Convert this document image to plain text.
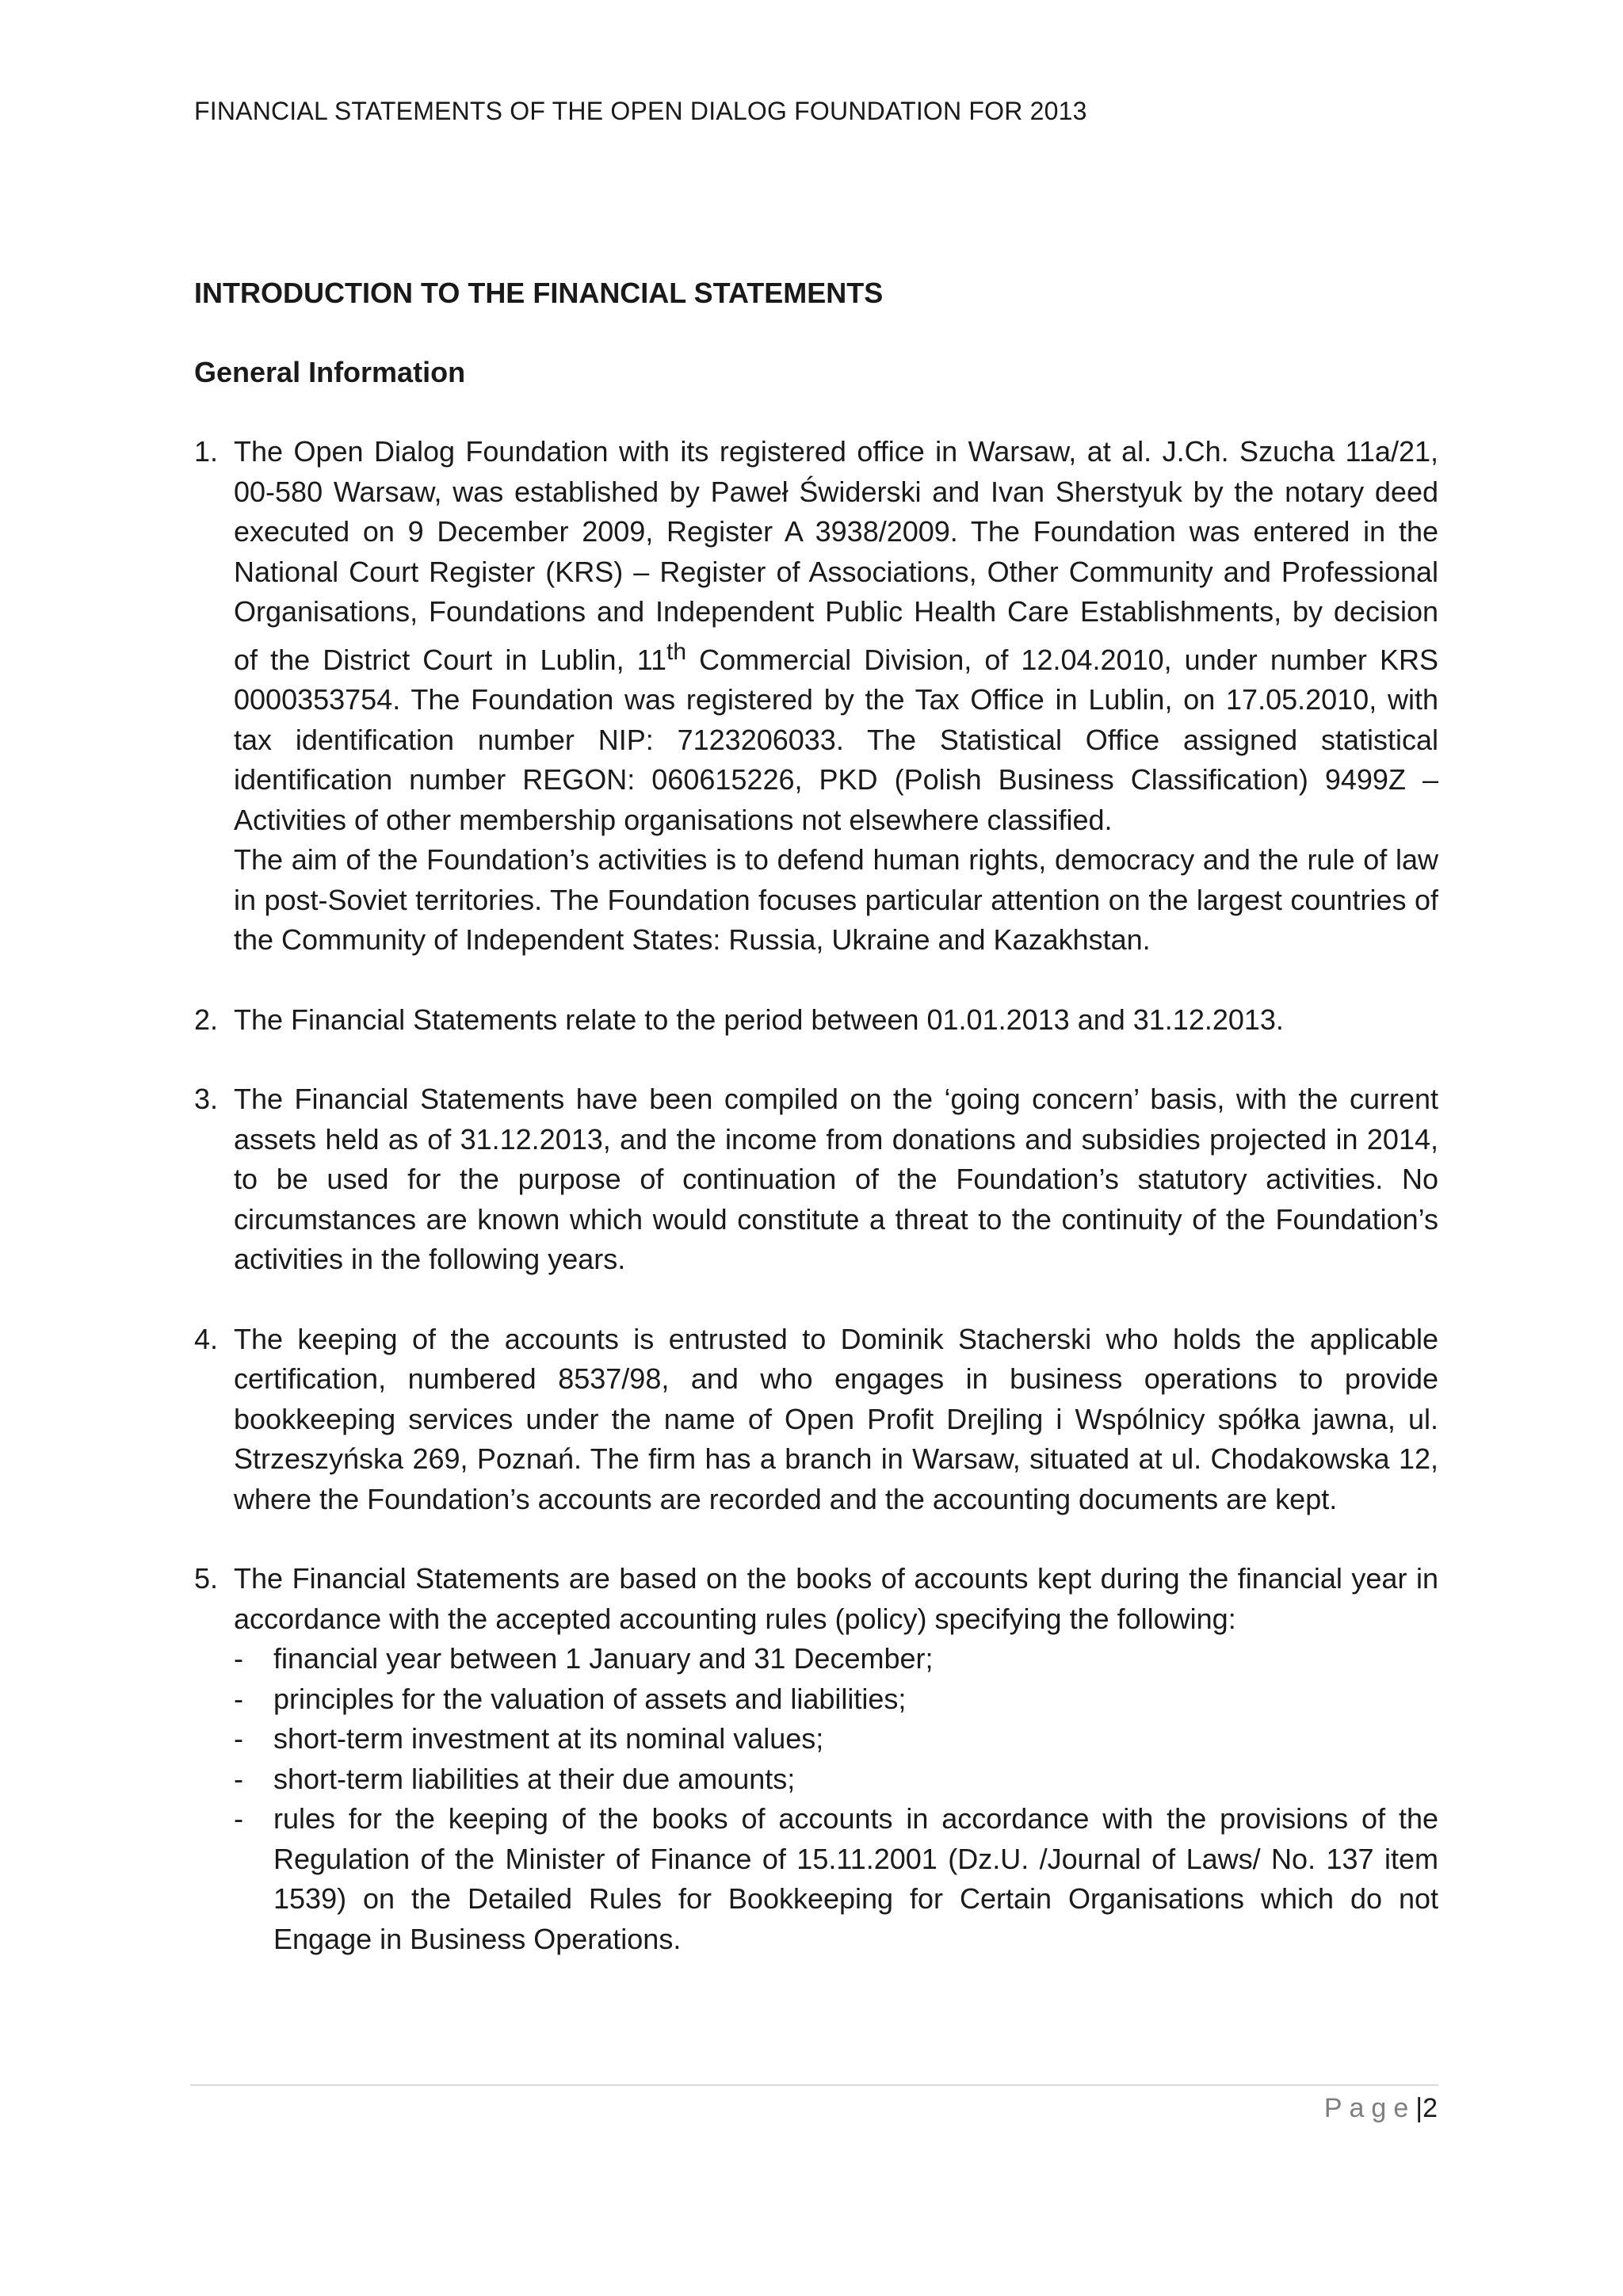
FINANCIAL STATEMENTS OF THE OPEN DIALOG FOUNDATION FOR 2013
INTRODUCTION TO THE FINANCIAL STATEMENTS
General Information
1. The Open Dialog Foundation with its registered office in Warsaw, at al. J.Ch. Szucha 11a/21, 00-580 Warsaw, was established by Paweł Świderski and Ivan Sherstyuk by the notary deed executed on 9 December 2009, Register A 3938/2009. The Foundation was entered in the National Court Register (KRS) – Register of Associations, Other Community and Professional Organisations, Foundations and Independent Public Health Care Establishments, by decision of the District Court in Lublin, 11th Commercial Division, of 12.04.2010, under number KRS 0000353754. The Foundation was registered by the Tax Office in Lublin, on 17.05.2010, with tax identification number NIP: 7123206033. The Statistical Office assigned statistical identification number REGON: 060615226, PKD (Polish Business Classification) 9499Z – Activities of other membership organisations not elsewhere classified.

The aim of the Foundation’s activities is to defend human rights, democracy and the rule of law in post-Soviet territories. The Foundation focuses particular attention on the largest countries of the Community of Independent States: Russia, Ukraine and Kazakhstan.

2. The Financial Statements relate to the period between 01.01.2013 and 31.12.2013.
3. The Financial Statements have been compiled on the ‘going concern’ basis, with the current assets held as of 31.12.2013, and the income from donations and subsidies projected in 2014, to be used for the purpose of continuation of the Foundation’s statutory activities. No circumstances are known which would constitute a threat to the continuity of the Foundation’s activities in the following years.
4. The keeping of the accounts is entrusted to Dominik Stacherski who holds the applicable certification, numbered 8537/98, and who engages in business operations to provide bookkeeping services under the name of Open Profit Drejling i Wspólnicy spółka jawna, ul. Strzeszyńska 269, Poznań. The firm has a branch in Warsaw, situated at ul. Chodakowska 12, where the Foundation’s accounts are recorded and the accounting documents are kept.
5. The Financial Statements are based on the books of accounts kept during the financial year in accordance with the accepted accounting rules (policy) specifying the following:

-	financial year between 1 January and 31 December;
-	principles for the valuation of assets and liabilities;
-	short-term investment at its nominal values;
-	short-term liabilities at their due amounts;
-	rules for the keeping of the books of accounts in accordance with the provisions of the Regulation of the Minister of Finance of 15.11.2001 (Dz.U. /Journal of Laws/ No. 137 item 1539) on the Detailed Rules for Bookkeeping for Certain Organisations which do not Engage in Business Operations.
Page|2
